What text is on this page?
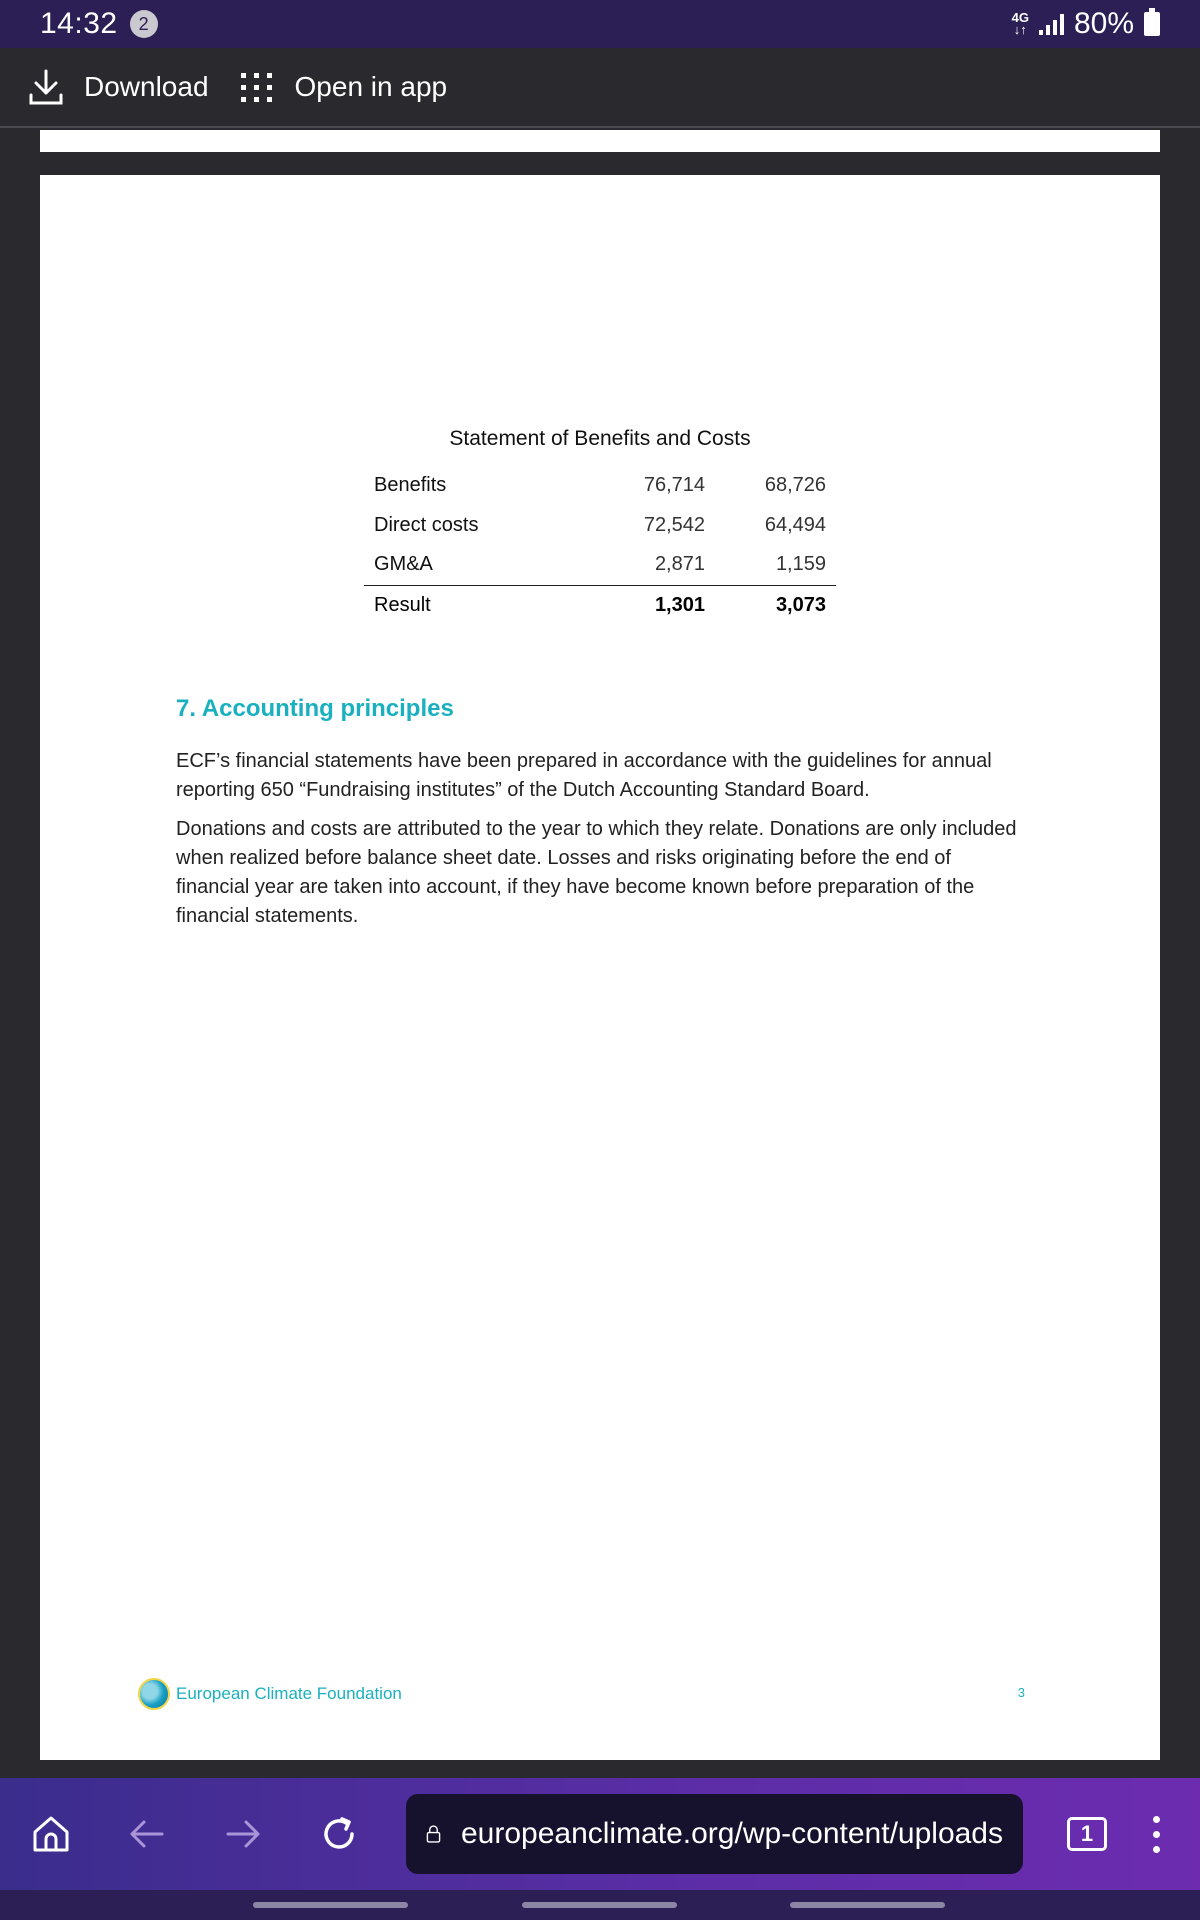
14:32	2	4G
↓↑ 80%
Download	Open in app
Statement of Benefits and Costs
Benefits	76,714	68,726
Direct costs	72,542	64,494
GM&A	2,871	1,159
Result	1,301	3,073
7. Accounting principles

ECF’s financial statements have been prepared in accordance with the guidelines for annual reporting 650 “Fundraising institutes” of the Dutch Accounting Standard Board.

Donations and costs are attributed to the year to which they relate. Donations are only included when realized before balance sheet date. Losses and risks originating before the end of financial year are taken into account, if they have become known before preparation of the financial statements.

European Climate Foundation	3
europeanclimate.org/wp-content/uploads	1
